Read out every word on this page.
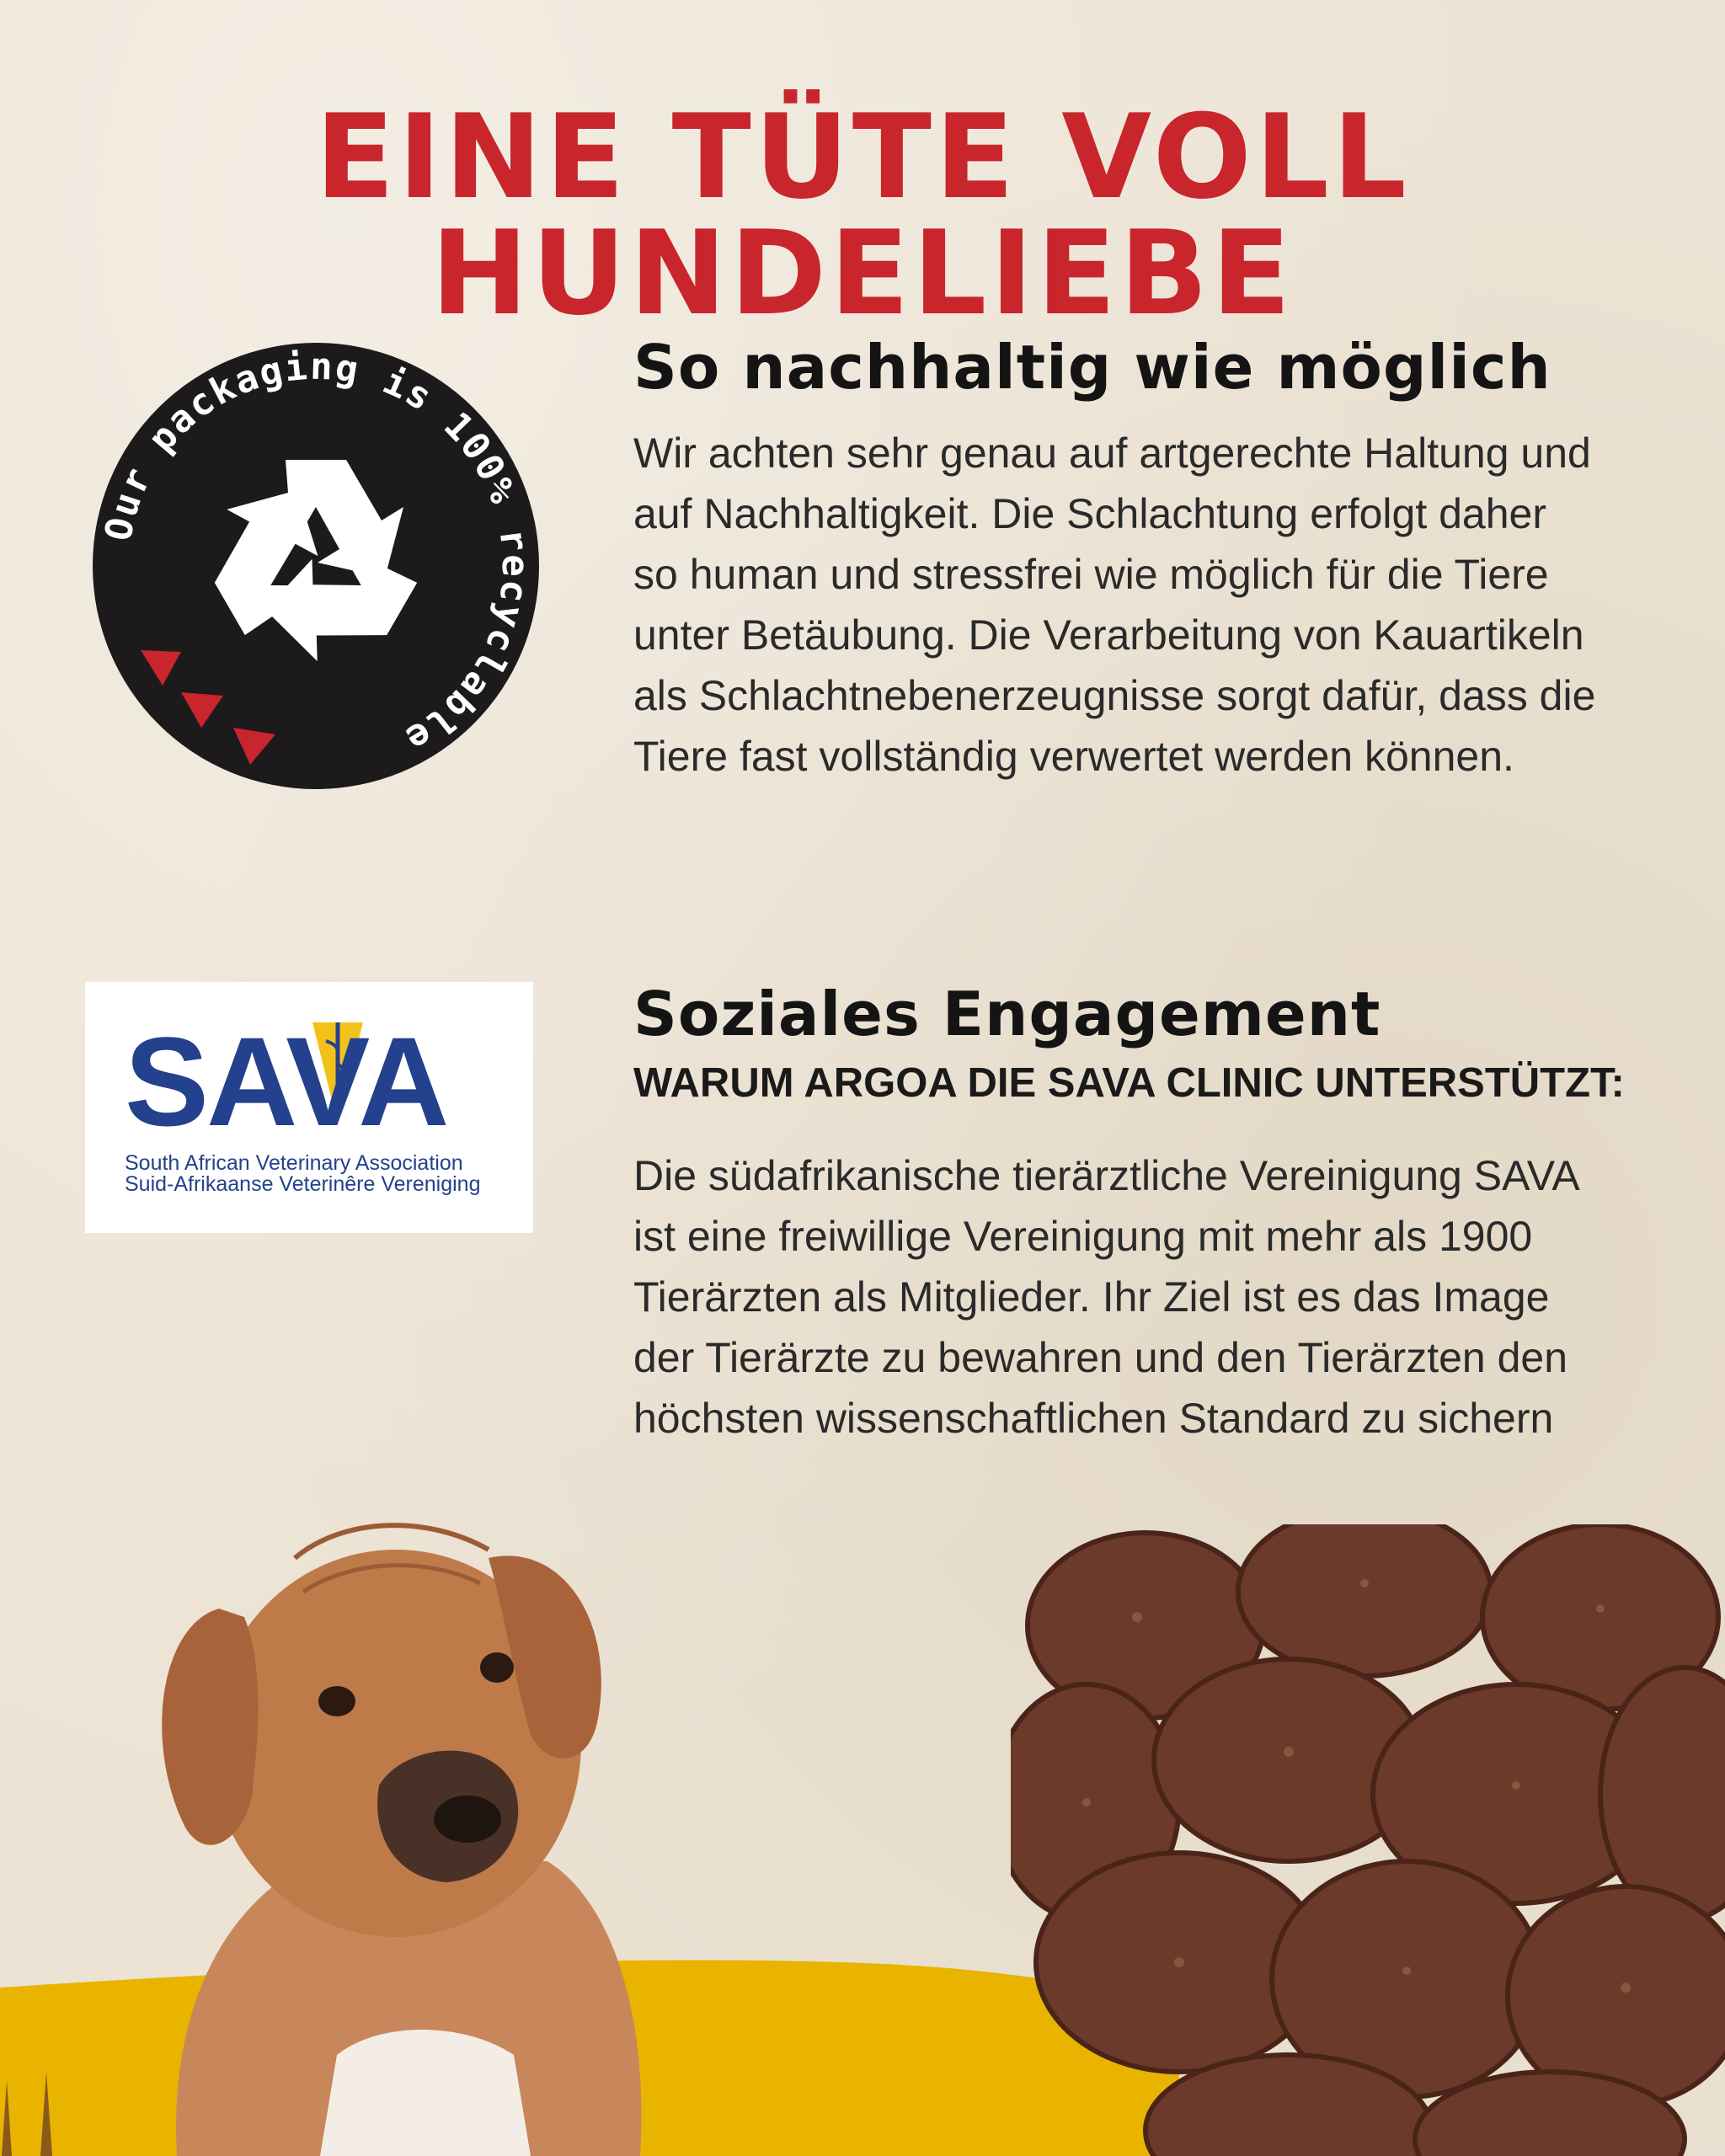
EINE TÜTE VOLL HUNDELIEBE
Our packaging is 100% recyclable
So nachhaltig wie möglich

Wir achten sehr genau auf artgerechte Haltung und
auf Nachhaltigkeit. Die Schlachtung erfolgt daher
so human und stressfrei wie möglich für die Tiere
unter Betäubung. Die Verarbeitung von Kauartikeln
als Schlachtnebenerzeugnisse sorgt dafür, dass die
Tiere fast vollständig verwertet werden können.

SAVA
South African Veterinary Association
Suid-Afrikaanse Veterinêre Vereniging
Soziales Engagement
WARUM ARGOA DIE SAVA CLINIC UNTERSTÜTZT:

Die südafrikanische tierärztliche Vereinigung SAVA
ist eine freiwillige Vereinigung mit mehr als 1900
Tierärzten als Mitglieder. Ihr Ziel ist es das Image
der Tierärzte zu bewahren und den Tierärzten den
höchsten wissenschaftlichen Standard zu sichern
